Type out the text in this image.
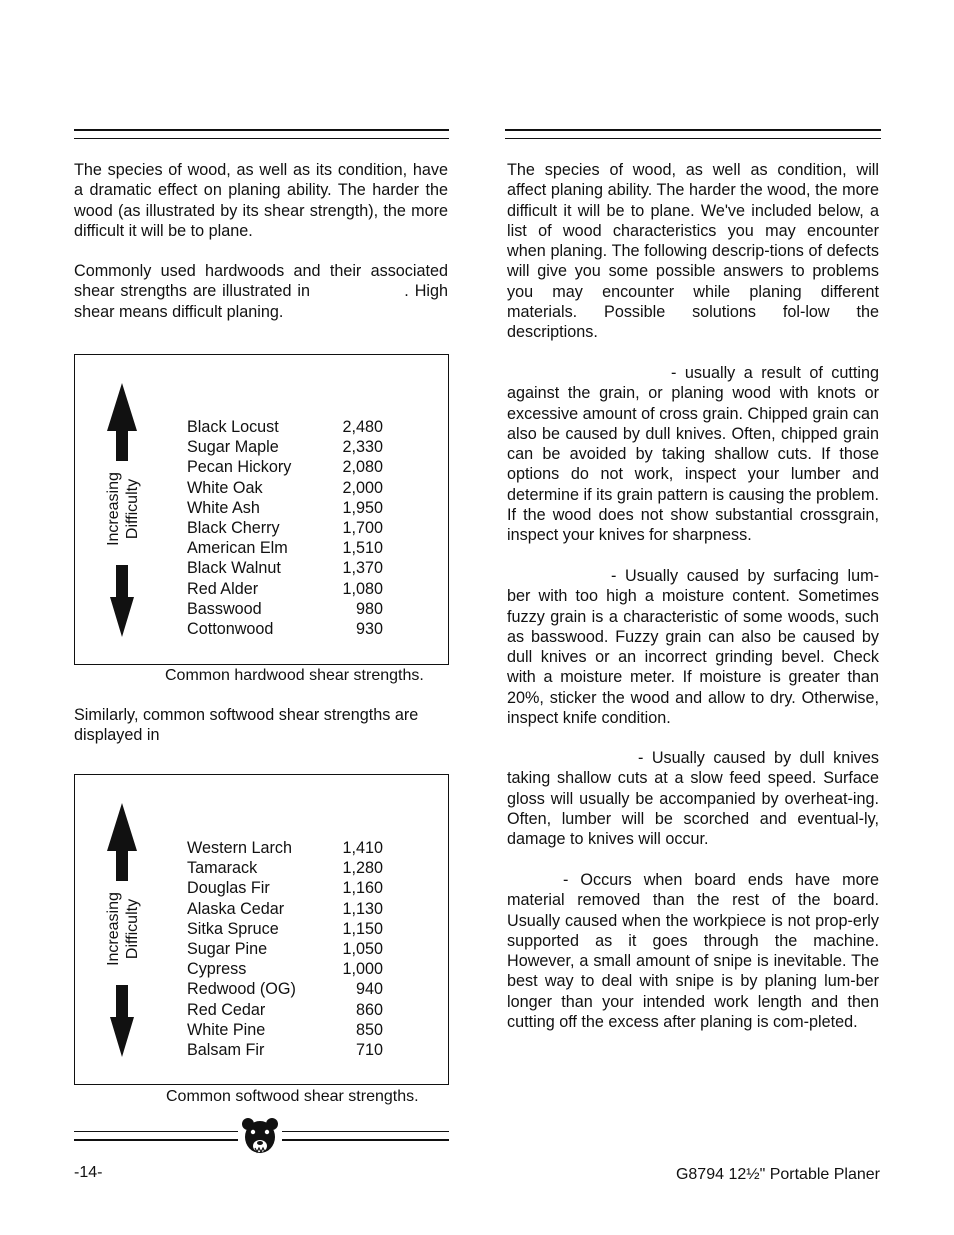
The species of wood, as well as its condition, have a dramatic effect on planing ability. The harder the wood (as illustrated by its shear strength), the more difficult it will be to plane.
Commonly used hardwoods and their associated shear strengths are illustrated in                . High shear means difficult planing.
Increasing Difficulty
Black Locust	2,480
Sugar Maple	2,330
Pecan Hickory	2,080
White Oak	2,000
White Ash	1,950
Black Cherry	1,700
American Elm	1,510
Black Walnut	1,370
Red Alder	1,080
Basswood	980
Cottonwood	930
Common hardwood shear strengths.
Similarly, common softwood shear strengths are displayed in
Increasing Difficulty
Western Larch	1,410
Tamarack	1,280
Douglas Fir	1,160
Alaska Cedar	1,130
Sitka Spruce	1,150
Sugar Pine	1,050
Cypress	1,000
Redwood (OG)	940
Red Cedar	860
White Pine	850
Balsam Fir	710
Common softwood shear strengths.
The species of wood, as well as condition, will affect planing ability. The harder the wood, the more difficult it will be to plane. We've included below, a list of wood characteristics you may encounter when planing. The following descrip-tions of defects will give you some possible answers to problems you may encounter while planing different materials. Possible solutions fol-low the descriptions.
- usually a result of cutting against the grain, or planing wood with knots or excessive amount of cross grain. Chipped grain can also be caused by dull knives. Often, chipped grain can be avoided by taking shallow cuts. If those options do not work, inspect your lumber and determine if its grain pattern is causing the problem. If the wood does not show substantial crossgrain, inspect your knives for sharpness.
- Usually caused by surfacing lum-ber with too high a moisture content. Sometimes fuzzy grain is a characteristic of some woods, such as basswood. Fuzzy grain can also be caused by dull knives or an incorrect grinding bevel. Check with a moisture meter. If moisture is greater than 20%, sticker the wood and allow to dry. Otherwise, inspect knife condition.
- Usually caused by dull knives taking shallow cuts at a slow feed speed. Surface gloss will usually be accompanied by overheat-ing. Often, lumber will be scorched and eventual-ly, damage to knives will occur.
- Occurs when board ends have more material removed than the rest of the board. Usually caused when the workpiece is not prop-erly supported as it goes through the machine. However, a small amount of snipe is inevitable. The best way to deal with snipe is by planing lum-ber longer than your intended work length and then cutting off the excess after planing is com-pleted.
-14-	G8794 12½" Portable Planer
